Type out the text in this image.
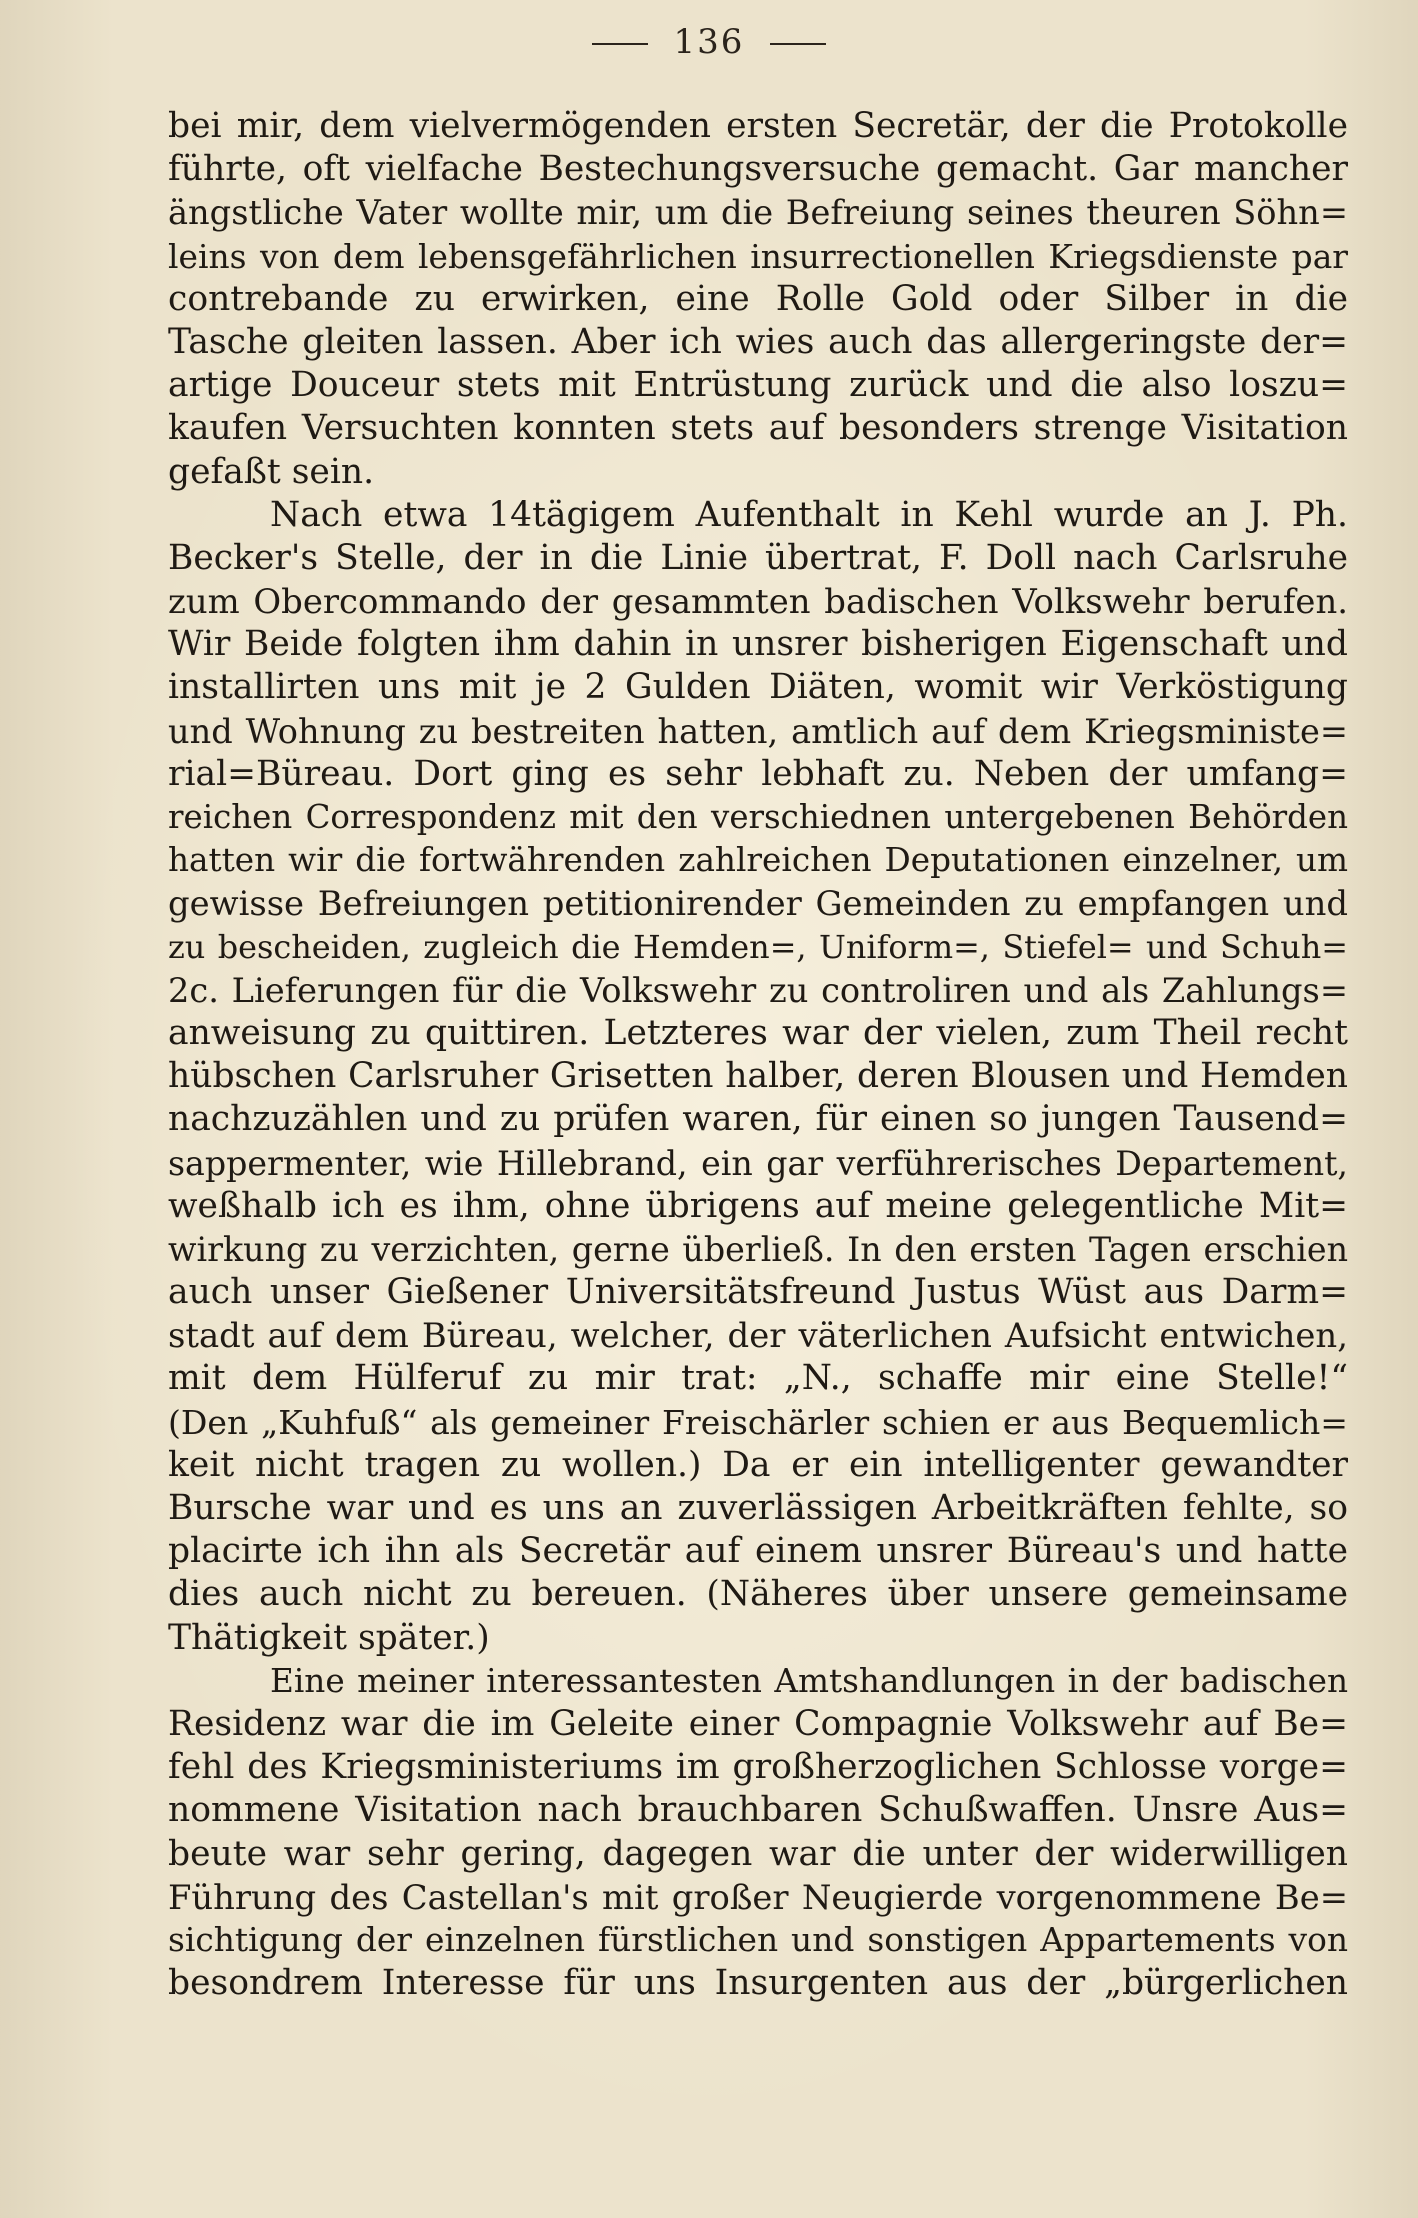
136
bei mir, dem vielvermögenden ersten Secretär, der die Protokolle
führte, oft vielfache Bestechungsversuche gemacht. Gar mancher
ängstliche Vater wollte mir, um die Befreiung seines theuren Söhn=
leins von dem lebensgefährlichen insurrectionellen Kriegsdienste par
contrebande zu erwirken, eine Rolle Gold oder Silber in die
Tasche gleiten lassen. Aber ich wies auch das allergeringste der=
artige Douceur stets mit Entrüstung zurück und die also loszu=
kaufen Versuchten konnten stets auf besonders strenge Visitation
gefaßt sein.
Nach etwa 14tägigem Aufenthalt in Kehl wurde an J. Ph.
Becker's Stelle, der in die Linie übertrat, F. Doll nach Carlsruhe
zum Obercommando der gesammten badischen Volkswehr berufen.
Wir Beide folgten ihm dahin in unsrer bisherigen Eigenschaft und
installirten uns mit je 2 Gulden Diäten, womit wir Verköstigung
und Wohnung zu bestreiten hatten, amtlich auf dem Kriegsministe=
rial=Büreau. Dort ging es sehr lebhaft zu. Neben der umfang=
reichen Correspondenz mit den verschiednen untergebenen Behörden
hatten wir die fortwährenden zahlreichen Deputationen einzelner, um
gewisse Befreiungen petitionirender Gemeinden zu empfangen und
zu bescheiden, zugleich die Hemden=, Uniform=, Stiefel= und Schuh=
2c. Lieferungen für die Volkswehr zu controliren und als Zahlungs=
anweisung zu quittiren. Letzteres war der vielen, zum Theil recht
hübschen Carlsruher Grisetten halber, deren Blousen und Hemden
nachzuzählen und zu prüfen waren, für einen so jungen Tausend=
sappermenter, wie Hillebrand, ein gar verführerisches Departement,
weßhalb ich es ihm, ohne übrigens auf meine gelegentliche Mit=
wirkung zu verzichten, gerne überließ. In den ersten Tagen erschien
auch unser Gießener Universitätsfreund Justus Wüst aus Darm=
stadt auf dem Büreau, welcher, der väterlichen Aufsicht entwichen,
mit dem Hülferuf zu mir trat: „N., schaffe mir eine Stelle!“
(Den „Kuhfuß“ als gemeiner Freischärler schien er aus Bequemlich=
keit nicht tragen zu wollen.) Da er ein intelligenter gewandter
Bursche war und es uns an zuverlässigen Arbeitkräften fehlte, so
placirte ich ihn als Secretär auf einem unsrer Büreau's und hatte
dies auch nicht zu bereuen. (Näheres über unsere gemeinsame
Thätigkeit später.)
Eine meiner interessantesten Amtshandlungen in der badischen
Residenz war die im Geleite einer Compagnie Volkswehr auf Be=
fehl des Kriegsministeriums im großherzoglichen Schlosse vorge=
nommene Visitation nach brauchbaren Schußwaffen. Unsre Aus=
beute war sehr gering, dagegen war die unter der widerwilligen
Führung des Castellan's mit großer Neugierde vorgenommene Be=
sichtigung der einzelnen fürstlichen und sonstigen Appartements von
besondrem Interesse für uns Insurgenten aus der „bürgerlichen
